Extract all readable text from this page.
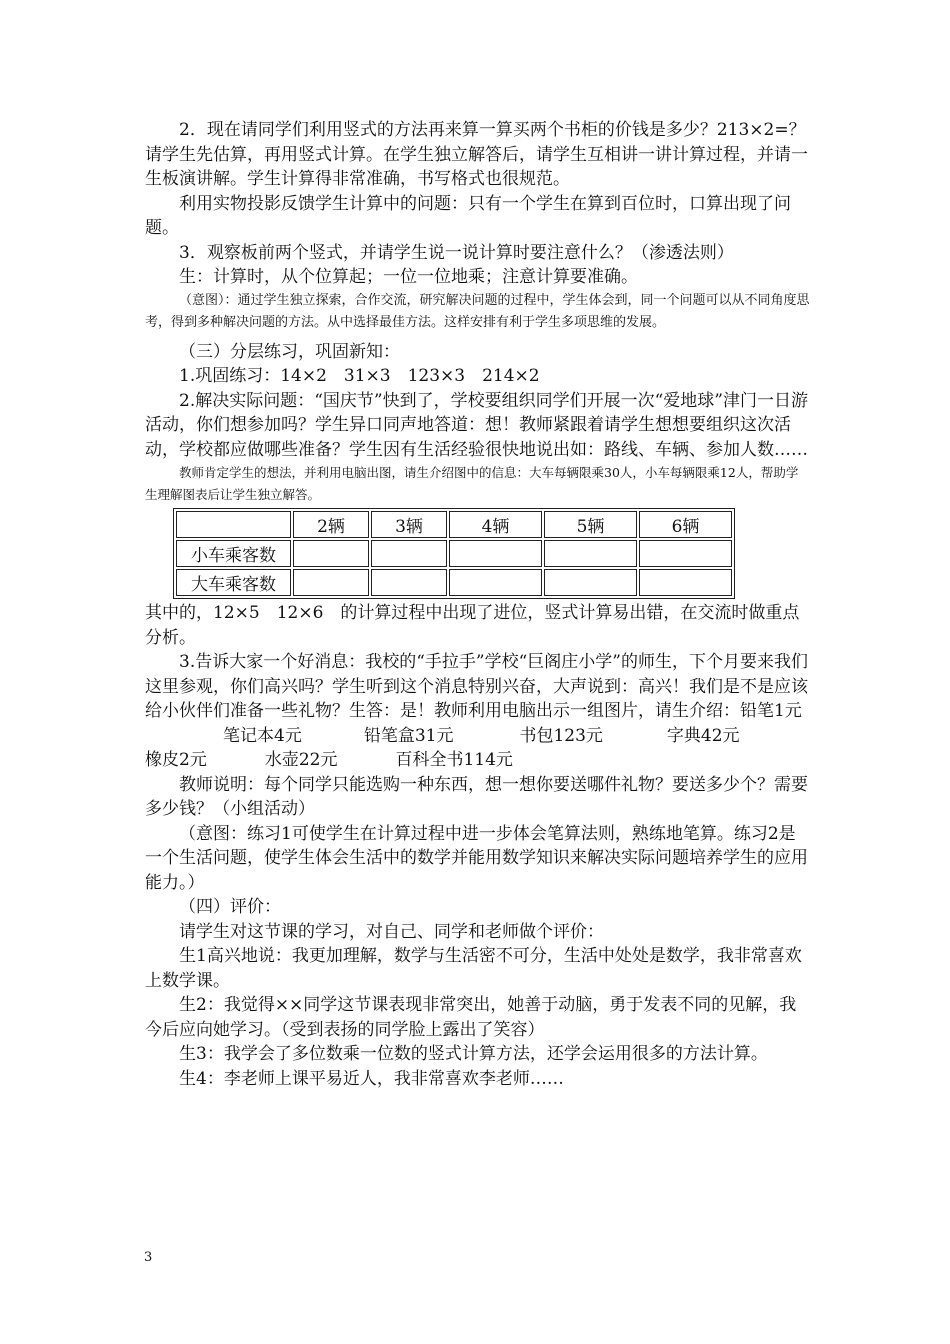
2．现在请同学们利用竖式的方法再来算一算买两个书柜的价钱是多少？213×2=？请学生先估算，再用竖式计算。在学生独立解答后，请学生互相讲一讲计算过程，并请一生板演讲解。学生计算得非常准确，书写格式也很规范。

利用实物投影反馈学生计算中的问题：只有一个学生在算到百位时，口算出现了问题。

3．观察板前两个竖式，并请学生说一说计算时要注意什么？（渗透法则）

生：计算时，从个位算起；一位一位地乘；注意计算要准确。

（意图）：通过学生独立探索，合作交流，研究解决问题的过程中，学生体会到，同一个问题可以从不同角度思考，得到多种解决问题的方法。从中选择最佳方法。这样安排有利于学生多项思维的发展。

（三）分层练习，巩固新知：

1.巩固练习：14×2　31×3　123×3　214×2

2.解决实际问题：“国庆节”快到了，学校要组织同学们开展一次“爱地球”津门一日游活动，你们想参加吗？学生异口同声地答道：想！教师紧跟着请学生想想要组织这次活动，学校都应做哪些准备？学生因有生活经验很快地说出如：路线、车辆、参加人数……

教师肯定学生的想法，并利用电脑出图，请生介绍图中的信息：大车每辆限乘30人，小车每辆限乘12人，帮助学生理解图表后让学生独立解答。

	2辆	3辆	4辆	5辆	6辆
小车乘客数					
大车乘客数					

其中的，12×5　12×6　的计算过程中出现了进位，竖式计算易出错，在交流时做重点分析。

3.告诉大家一个好消息：我校的“手拉手”学校“巨阁庄小学”的师生，下个月要来我们这里参观，你们高兴吗？学生听到这个消息特别兴奋，大声说到：高兴！我们是不是应该给小伙伴们准备一些礼物？生答：是！教师利用电脑出示一组图片，请生介绍：铅笔1元笔记本4元	铅笔盒31元	书包123元	字典42元橡皮2元	水壶22元	百科全书114元

教师说明：每个同学只能选购一种东西，想一想你要送哪件礼物？要送多少个？需要多少钱？（小组活动）

（意图：练习1可使学生在计算过程中进一步体会笔算法则，熟练地笔算。练习2是一个生活问题，使学生体会生活中的数学并能用数学知识来解决实际问题培养学生的应用能力。）

（四）评价：

请学生对这节课的学习，对自己、同学和老师做个评价：

生1高兴地说：我更加理解，数学与生活密不可分，生活中处处是数学，我非常喜欢上数学课。

生2：我觉得××同学这节课表现非常突出，她善于动脑，勇于发表不同的见解，我今后应向她学习。（受到表扬的同学脸上露出了笑容）

生3：我学会了多位数乘一位数的竖式计算方法，还学会运用很多的方法计算。

生4：李老师上课平易近人，我非常喜欢李老师……

3
